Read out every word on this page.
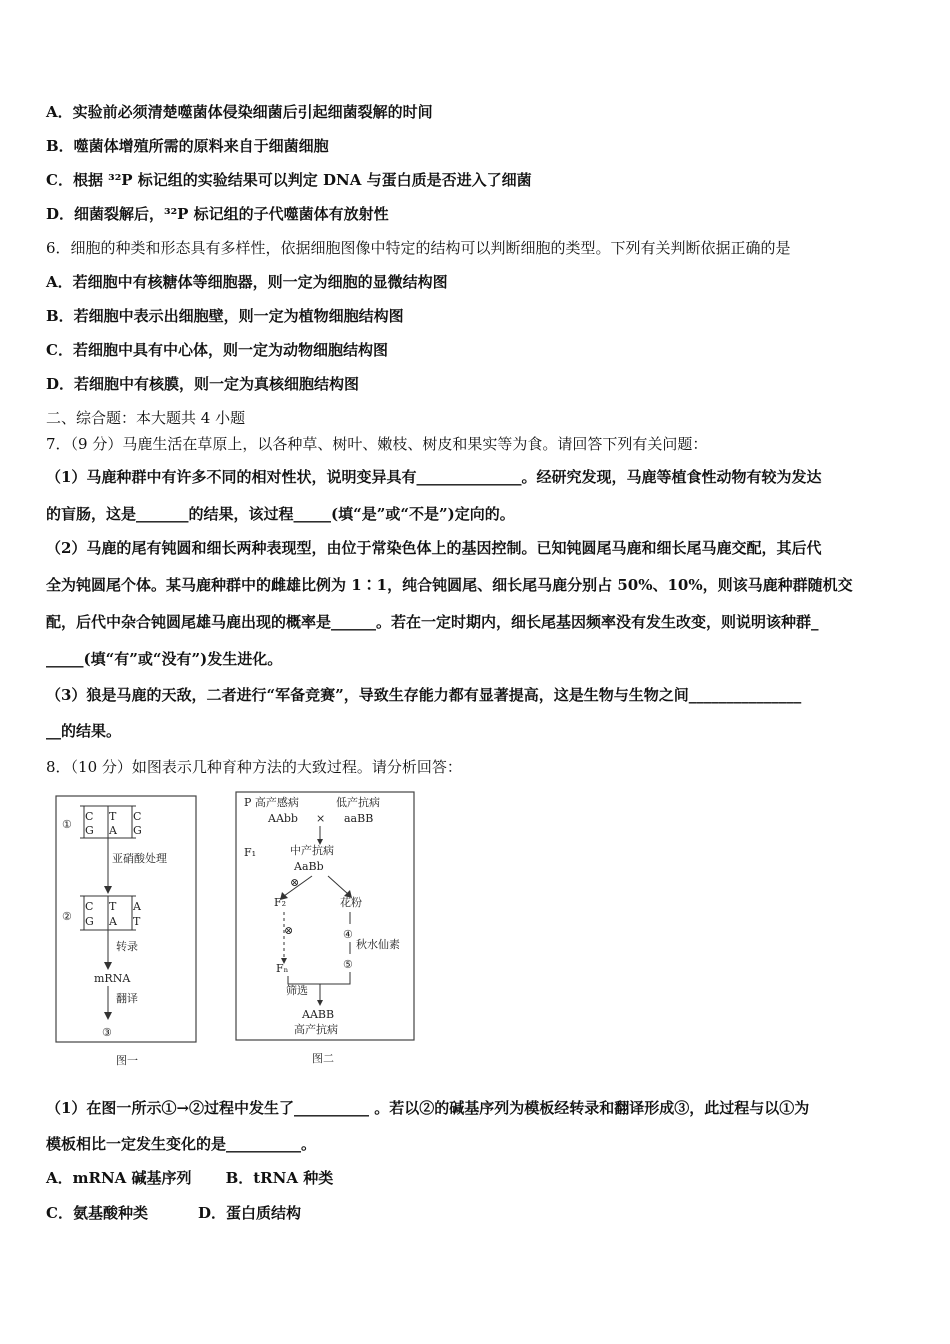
A．实验前必须清楚噬菌体侵染细菌后引起细菌裂解的时间
B．噬菌体增殖所需的原料来自于细菌细胞
C．根据 ³²P 标记组的实验结果可以判定 DNA 与蛋白质是否进入了细菌
D．细菌裂解后，³²P 标记组的子代噬菌体有放射性
6．细胞的种类和形态具有多样性，依据细胞图像中特定的结构可以判断细胞的类型。下列有关判断依据正确的是
A．若细胞中有核糖体等细胞器，则一定为细胞的显微结构图
B．若细胞中表示出细胞壁，则一定为植物细胞结构图
C．若细胞中具有中心体，则一定为动物细胞结构图
D．若细胞中有核膜，则一定为真核细胞结构图
二、综合题：本大题共 4 小题
7．（9 分）马鹿生活在草原上，以各种草、树叶、嫩枝、树皮和果实等为食。请回答下列有关问题：
（1）马鹿种群中有许多不同的相对性状，说明变异具有______________。经研究发现，马鹿等植食性动物有较为发达
的盲肠，这是_______的结果，该过程_____(填“是”或“不是”)定向的。
（2）马鹿的尾有钝圆和细长两种表现型，由位于常染色体上的基因控制。已知钝圆尾马鹿和细长尾马鹿交配，其后代
全为钝圆尾个体。某马鹿种群中的雌雄比例为 1∶1，纯合钝圆尾、细长尾马鹿分别占 50%、10%，则该马鹿种群随机交
配，后代中杂合钝圆尾雄马鹿出现的概率是______。若在一定时期内，细长尾基因频率没有发生改变，则说明该种群_
_____(填“有”或“没有”)发生进化。
（3）狼是马鹿的天敌，二者进行“军备竞赛”，导致生存能力都有显著提高，这是生物与生物之间_______________
__的结果。
8．（10 分）如图表示几种育种方法的大致过程。请分析回答：
①
C T C
G A G
亚硝酸处理
②
C T A
G A T
转录
mRNA
翻译
③
图一
P 高产感病	低产抗病
AAbb × aaBB
F₁	中产抗病
AaBb
⊗
F₂	花粉
⊗	④
秋水仙素
⑤
Fₙ
筛选
AABB
高产抗病
图二
（1）在图一所示①→②过程中发生了__________ 。若以②的碱基序列为模板经转录和翻译形成③，此过程与以①为
模板相比一定发生变化的是__________。
A．mRNA 碱基序列 B．tRNA 种类
C．氨基酸种类	D．蛋白质结构
